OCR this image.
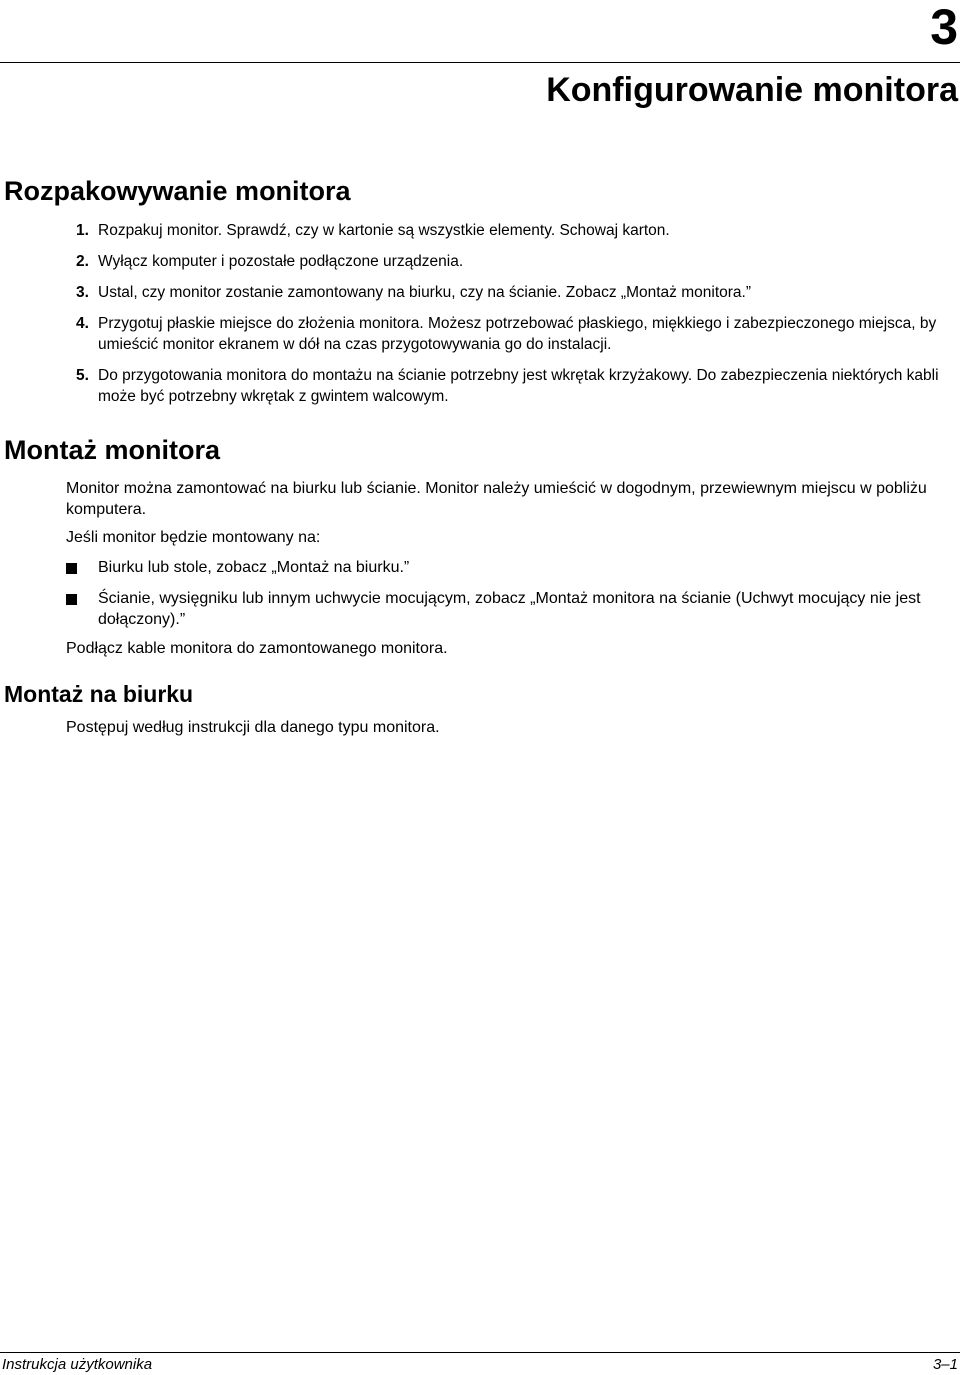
3
Konfigurowanie monitora
Rozpakowywanie monitora
1. Rozpakuj monitor. Sprawdź, czy w kartonie są wszystkie elementy. Schowaj karton.
2. Wyłącz komputer i pozostałe podłączone urządzenia.
3. Ustal, czy monitor zostanie zamontowany na biurku, czy na ścianie. Zobacz „Montaż monitora.”
4. Przygotuj płaskie miejsce do złożenia monitora. Możesz potrzebować płaskiego, miękkiego i zabezpieczonego miejsca, by umieścić monitor ekranem w dół na czas przygotowywania go do instalacji.
5. Do przygotowania monitora do montażu na ścianie potrzebny jest wkrętak krzyżakowy. Do zabezpieczenia niektórych kabli może być potrzebny wkrętak z gwintem walcowym.
Montaż monitora

Monitor można zamontować na biurku lub ścianie. Monitor należy umieścić w dogodnym, przewiewnym miejscu w pobliżu komputera.

Jeśli monitor będzie montowany na:

Biurku lub stole, zobacz „Montaż na biurku.”
Ścianie, wysięgniku lub innym uchwycie mocującym, zobacz „Montaż monitora na ścianie (Uchwyt mocujący nie jest dołączony).”

Podłącz kable monitora do zamontowanego monitora.

Montaż na biurku

Postępuj według instrukcji dla danego typu monitora.

Instrukcja użytkownika	3–1
